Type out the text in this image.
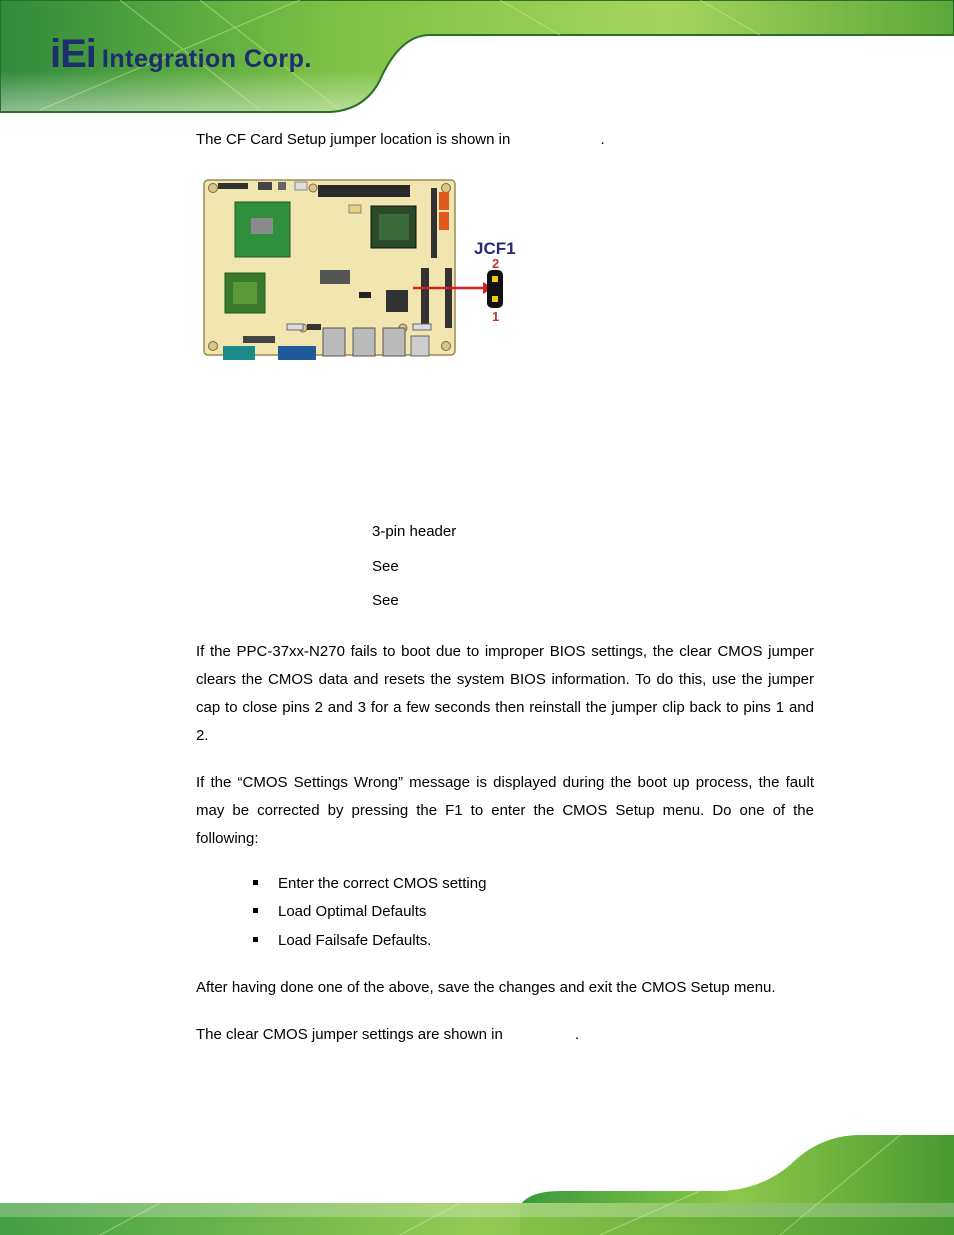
iEi Integration Corp.
The CF Card Setup jumper location is shown in	.
JCF1
2
1
3-pin header
See
See
If the PPC-37xx-N270 fails to boot due to improper BIOS settings, the clear CMOS jumper clears the CMOS data and resets the system BIOS information. To do this, use the jumper cap to close pins 2 and 3 for a few seconds then reinstall the jumper clip back to pins 1 and 2.
If the “CMOS Settings Wrong” message is displayed during the boot up process, the fault may be corrected by pressing the F1 to enter the CMOS Setup menu. Do one of the following:
Enter the correct CMOS setting
Load Optimal Defaults
Load Failsafe Defaults.
After having done one of the above, save the changes and exit the CMOS Setup menu.
The clear CMOS jumper settings are shown in	.
